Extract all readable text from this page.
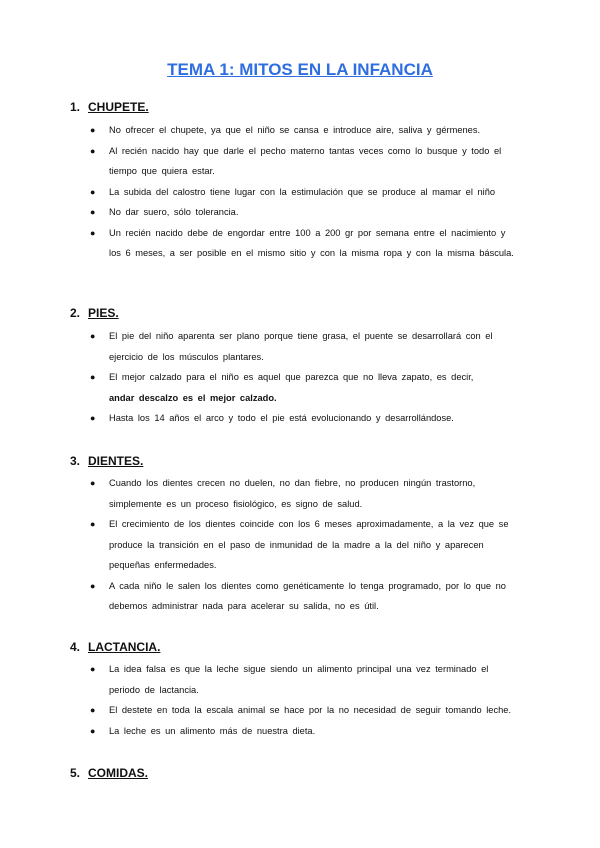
TEMA 1: MITOS EN LA INFANCIA
1. CHUPETE.
● No ofrecer el chupete, ya que el niño se cansa e introduce aire, saliva y gérmenes.
● Al recién nacido hay que darle el pecho materno tantas veces como lo busque y todo el tiempo que quiera estar.
● La subida del calostro tiene lugar con la estimulación que se produce al mamar el niño
● No dar suero, sólo tolerancia.
● Un recién nacido debe de engordar entre 100 a 200 gr por semana entre el nacimiento y los 6 meses, a ser posible en el mismo sitio y con la misma ropa y con la misma báscula.
2. PIES.
● El pie del niño aparenta ser plano porque tiene grasa, el puente se desarrollará con el ejercicio de los músculos plantares.
● El mejor calzado para el niño es aquel que parezca que no lleva zapato, es decir,
andar descalzo es el mejor calzado.
● Hasta los 14 años el arco y todo el pie está evolucionando y desarrollándose.
3. DIENTES.
● Cuando los dientes crecen no duelen, no dan fiebre, no producen ningún trastorno, simplemente es un proceso fisiológico, es signo de salud.
● El crecimiento de los dientes coincide con los 6 meses aproximadamente, a la vez que se produce la transición en el paso de inmunidad de la madre a la del niño y aparecen pequeñas enfermedades.
● A cada niño le salen los dientes como genéticamente lo tenga programado, por lo que no debemos administrar nada para acelerar su salida, no es útil.
4. LACTANCIA.
● La idea falsa es que la leche sigue siendo un alimento principal una vez terminado el periodo de lactancia.
● El destete en toda la escala animal se hace por la no necesidad de seguir tomando leche.
● La leche es un alimento más de nuestra dieta.
5. COMIDAS.
